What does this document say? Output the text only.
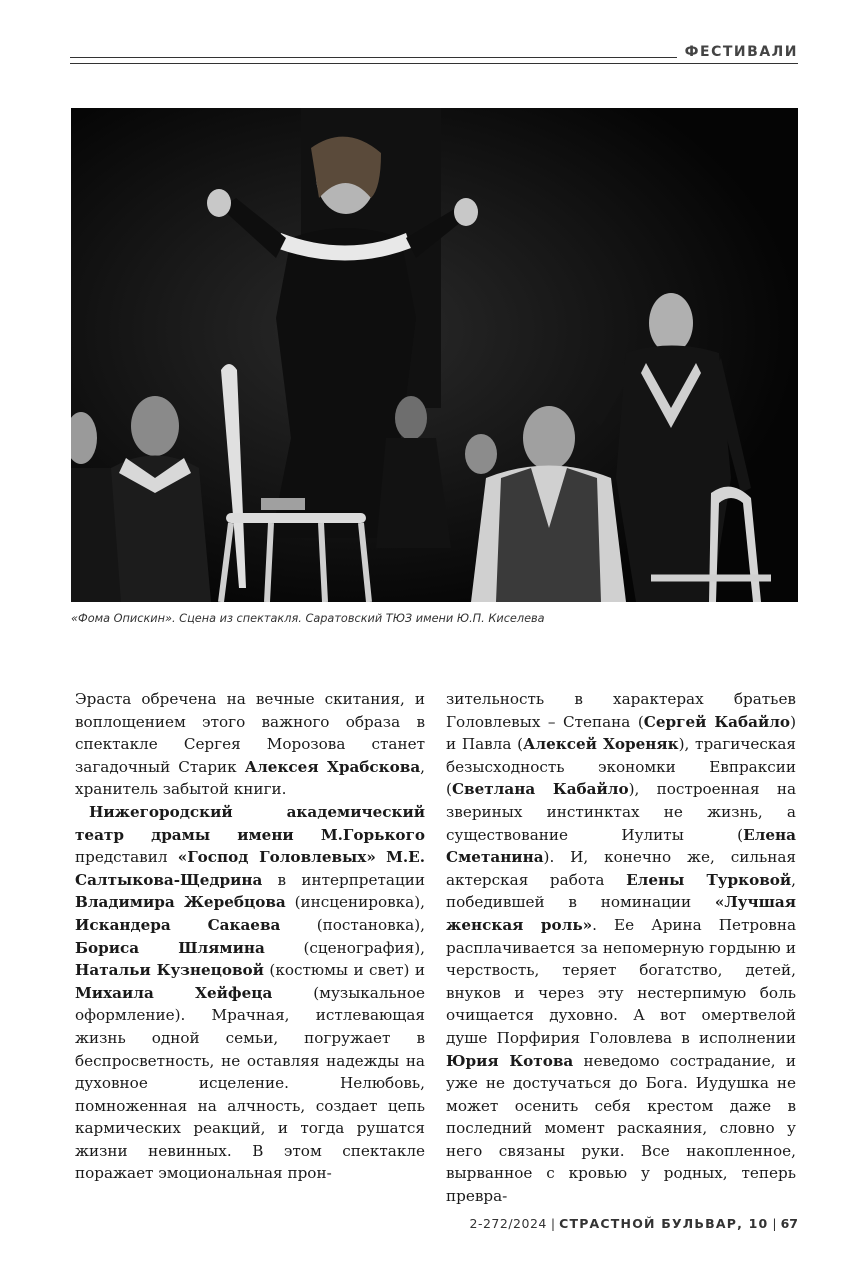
ФЕСТИВАЛИ
«Фома Опискин». Сцена из спектакля. Саратовский ТЮЗ имени Ю.П. Киселева

Эраста обречена на вечные скитания, и воплощением этого важного образа в спектакле Сергея Морозова станет загадочный Старик Алексея Храбскова, хранитель забытой книги.

Нижегородский академический театр драмы имени М.Горького представил «Господ Головлевых» М.Е. Салтыкова-Щедрина в интерпретации Владимира Жеребцова (инсценировка), Искандера Сакаева (постановка), Бориса Шлямина (сценография), Натальи Кузнецовой (костюмы и свет) и Михаила Хейфеца (музыкальное оформление). Мрачная, истлевающая жизнь одной семьи, погружает в беспросветность, не оставляя надежды на духовное исцеление. Нелюбовь, помноженная на алчность, создает цепь кармических реакций, и тогда рушатся жизни невинных. В этом спектакле поражает эмоциональная прон-

зительность в характерах братьев Головлевых – Степана (Сергей Кабайло) и Павла (Алексей Хореняк), трагическая безысходность экономки Евпраксии (Светлана Кабайло), построенная на звериных инстинктах не жизнь, а существование Иулиты (Елена Сметанина). И, конечно же, сильная актерская работа Елены Турковой, победившей в номинации «Лучшая женская роль». Ее Арина Петровна расплачивается за непомерную гордыню и черствость, теряет богатство, детей, внуков и через эту нестерпимую боль очищается духовно. А вот омертвелой душе Порфирия Головлева в исполнении Юрия Котова неведомо сострадание, и уже не достучаться до Бога. Иудушка не может осенить себя крестом даже в последний момент раскаяния, словно у него связаны руки. Все накопленное, вырванное с кровью у родных, теперь превра-

2-272/2024 | СТРАСТНОЙ БУЛЬВАР, 10 | 67
